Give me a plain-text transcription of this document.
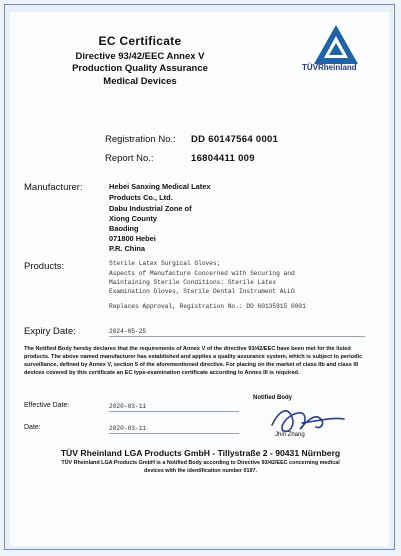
EC Certificate
Directive 93/42/EEC Annex V
Production Quality Assurance
Medical Devices
TÜVRheinland
Registration No.: DD 60147564 0001
Report No.:	16804411 009
Manufacturer:	Hebei Sanxing Medical Latex
Products Co., Ltd.
Dabu Industrial Zone of
Xiong County
Baoding
071800 Hebei
P.R. China
Products:	Sterile Latex Surgical Gloves;
Aspects of Manufacture Concerned with Securing and
Maintaining Sterile Conditions: Sterile Latex
Examination Gloves, Sterile Dental Instrument ALLO
Replaces Approval, Registration No.: DD 60135915 0001
Expiry Date:	2024-05-25
The Notified Body hereby declares that the requirements of Annex V of the directive 93/42/EEC have been met for the listed products. The above named manufacturer has established and applies a quality assurance system, which is subject to periodic surveillance, defined by Annex V, section 5 of the aforementioned directive. For placing on the market of class IIb and class III devices covered by this certificate an EC type-examination certificate according to Annex III is required.
Notified Body
Jhin Zhang
Effective Date:	2020-03-11
Date:	2020-03-11
TÜV Rheinland LGA Products GmbH - Tillystraße 2 - 90431 Nürnberg
TÜV Rheinland LGA Products GmbH is a Notified Body according to Directive 93/42/EEC concerning medical devices with the identification number 0197.
